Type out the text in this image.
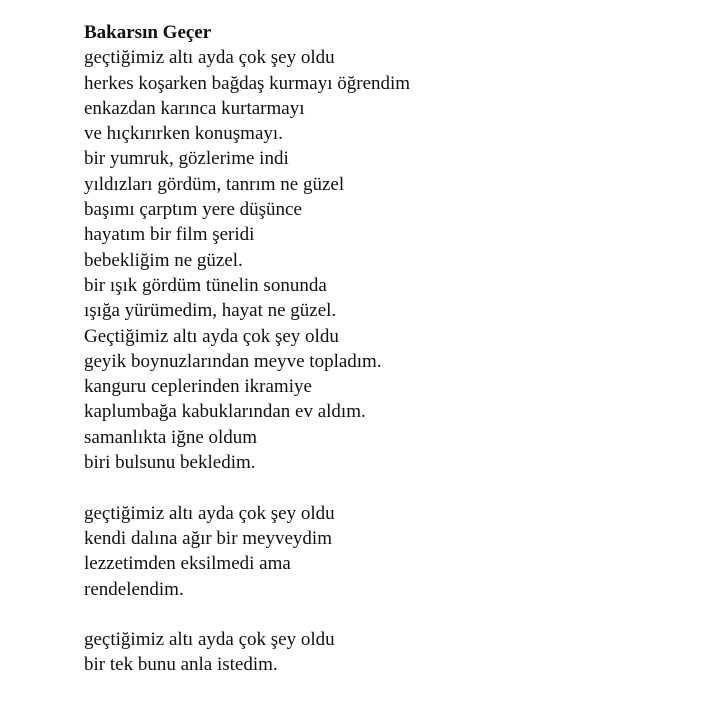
Bakarsın Geçer
geçtiğimiz altı ayda çok şey oldu
herkes koşarken bağdaş kurmayı öğrendim
enkazdan karınca kurtarmayı
ve hıçkırırken konuşmayı.
bir yumruk, gözlerime indi
yıldızları gördüm, tanrım ne güzel
başımı çarptım yere düşünce
hayatım bir film şeridi
bebekliğim ne güzel.
bir ışık gördüm tünelin sonunda
ışığa yürümedim, hayat ne güzel.
Geçtiğimiz altı ayda çok şey oldu
geyik boynuzlarından meyve topladım.
kanguru ceplerinden ikramiye
kaplumbağa kabuklarından ev aldım.
samanlıkta iğne oldum
biri bulsunu bekledim.
geçtiğimiz altı ayda çok şey oldu
kendi dalına ağır bir meyveydim
lezzetimden eksilmedi ama
rendelendim.
geçtiğimiz altı ayda çok şey oldu
bir tek bunu anla istedim.
